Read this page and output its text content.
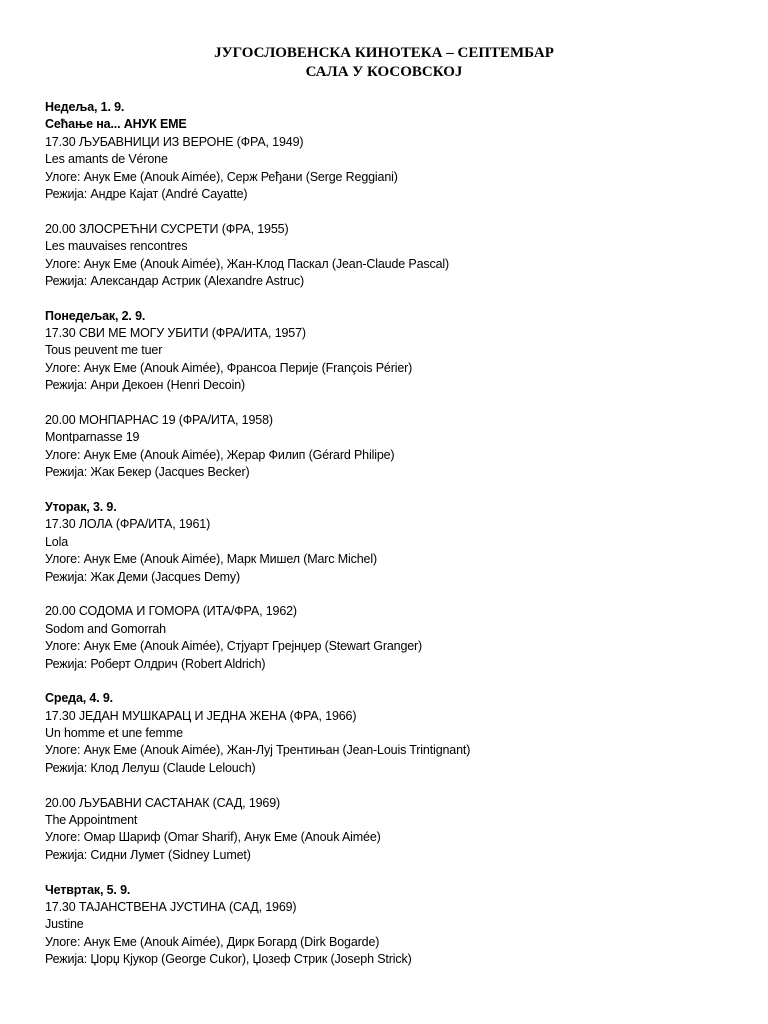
ЈУГОСЛОВЕНСКА КИНОТЕКА – СЕПТЕМБАР
САЛА У КОСОВСКОЈ
Недеља, 1. 9.
Сећање на... АНУК ЕМЕ
17.30 ЉУБАВНИЦИ ИЗ ВЕРОНЕ (ФРА, 1949)
Les amants de Vérone
Улоге: Анук Еме (Anouk Aimée), Серж Ређани (Serge Reggiani)
Режија: Андре Кајат (André Cayatte)
20.00 ЗЛОСРЕЋНИ СУСРЕТИ (ФРА, 1955)
Les mauvaises rencontres
Улоге: Анук Еме (Anouk Aimée), Жан-Клод Паскал (Jean-Claude Pascal)
Режија: Александар Астрик (Alexandre Astruc)
Понедељак, 2. 9.
17.30 СВИ МЕ МОГУ УБИТИ (ФРА/ИТА, 1957)
Tous peuvent me tuer
Улоге: Анук Еме (Anouk Aimée), Франсоа Перије (François Périer)
Режија: Анри Декоен (Henri Decoin)
20.00 МОНПАРНАС 19 (ФРА/ИТА, 1958)
Montparnasse 19
Улоге: Анук Еме (Anouk Aimée), Жерар Филип (Gérard Philipe)
Режија: Жак Бекер (Jacques Becker)
Уторак, 3. 9.
17.30 ЛОЛА (ФРА/ИТА, 1961)
Lola
Улоге: Анук Еме (Anouk Aimée), Марк Мишел (Marc Michel)
Режија: Жак Деми (Jacques Demy)
20.00 СОДОМА И ГОМОРА (ИТА/ФРА, 1962)
Sodom and Gomorrah
Улоге: Анук Еме (Anouk Aimée), Стјуарт Грејнџер (Stewart Granger)
Режија: Роберт Олдрич (Robert Aldrich)
Среда, 4. 9.
17.30 ЈЕДАН МУШКАРАЦ И ЈЕДНА ЖЕНА (ФРА, 1966)
Un homme et une femme
Улоге: Анук Еме (Anouk Aimée), Жан-Луј Трентињан (Jean-Louis Trintignant)
Режија: Клод Лелуш (Claude Lelouch)
20.00 ЉУБАВНИ САСТАНАК (САД, 1969)
The Appointment
Улоге: Омар Шариф (Omar Sharif), Анук Еме (Anouk Aimée)
Режија: Сидни Лумет (Sidney Lumet)
Четвртак, 5. 9.
17.30 ТАЈАНСТВЕНА ЈУСТИНА (САД, 1969)
Justine
Улоге: Анук Еме (Anouk Aimée), Дирк Богард (Dirk Bogarde)
Режија: Џорџ Кјукор (George Cukor), Џозеф Стрик (Joseph Strick)
